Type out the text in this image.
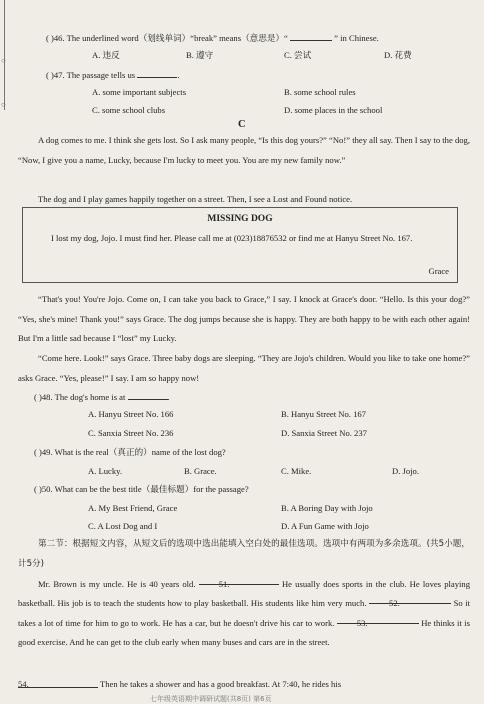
○
○
( )46. The underlined word（划线单词）“break” means（意思是）“	” in Chinese.
A. 违反	B. 遵守	C. 尝试	D. 花费
( )47. The passage tells us	.
A. some important subjects	B. some school rules
C. some school clubs	D. some places in the school
C
A dog comes to me. I think she gets lost. So I ask many people, “Is this dog yours?” “No!” they all say. Then I say to the dog, “Now, I give you a name, Lucky, because I'm lucky to meet you. You are my new family now.”
The dog and I play games happily together on a street. Then, I see a Lost and Found notice.
MISSING DOG
I lost my dog, Jojo. I must find her. Please call me at (023)18876532 or find me at Hanyu Street No. 167.
Grace
“That's you! You're Jojo. Come on, I can take you back to Grace,” I say. I knock at Grace's door. “Hello. Is this your dog?” “Yes, she's mine! Thank you!” says Grace. The dog jumps because she is happy. They are both happy to be with each other again! But I'm a little sad because I “lost” my Lucky.
“Come here. Look!” says Grace. Three baby dogs are sleeping. “They are Jojo's children. Would you like to take one home?” asks Grace. “Yes, please!” I say. I am so happy now!
( )48. The dog's home is at	.
A. Hanyu Street No. 166	B. Hanyu Street No. 167
C. Sanxia Street No. 236	D. Sanxia Street No. 237
( )49. What is the real（真正的）name of the lost dog?
A. Lucky.	B. Grace.	C. Mike.	D. Jojo.
( )50. What can be the best title（最佳标题）for the passage?
A. My Best Friend, Grace	B. A Boring Day with Jojo
C. A Lost Dog and I	D. A Fun Game with Jojo
第二节：根据短文内容，从短文后的选项中选出能填入空白处的最佳选项。选项中有两项为多余选项。(共5小题，计5分)
Mr. Brown is my uncle. He is 40 years old.	51.	He usually does sports in the club. He loves playing basketball. His job is to teach the students how to play basketball. His students like him very much.	52.	So it takes a lot of time for him to go to work. He has a car, but he doesn't drive his car to work.	53.	He thinks it is good exercise. And he can get to the club early when many buses and cars are in the street.
54.	Then he takes a shower and has a good breakfast. At 7:40, he rides his
七年级英语期中调研试题(共8页) 第6页
